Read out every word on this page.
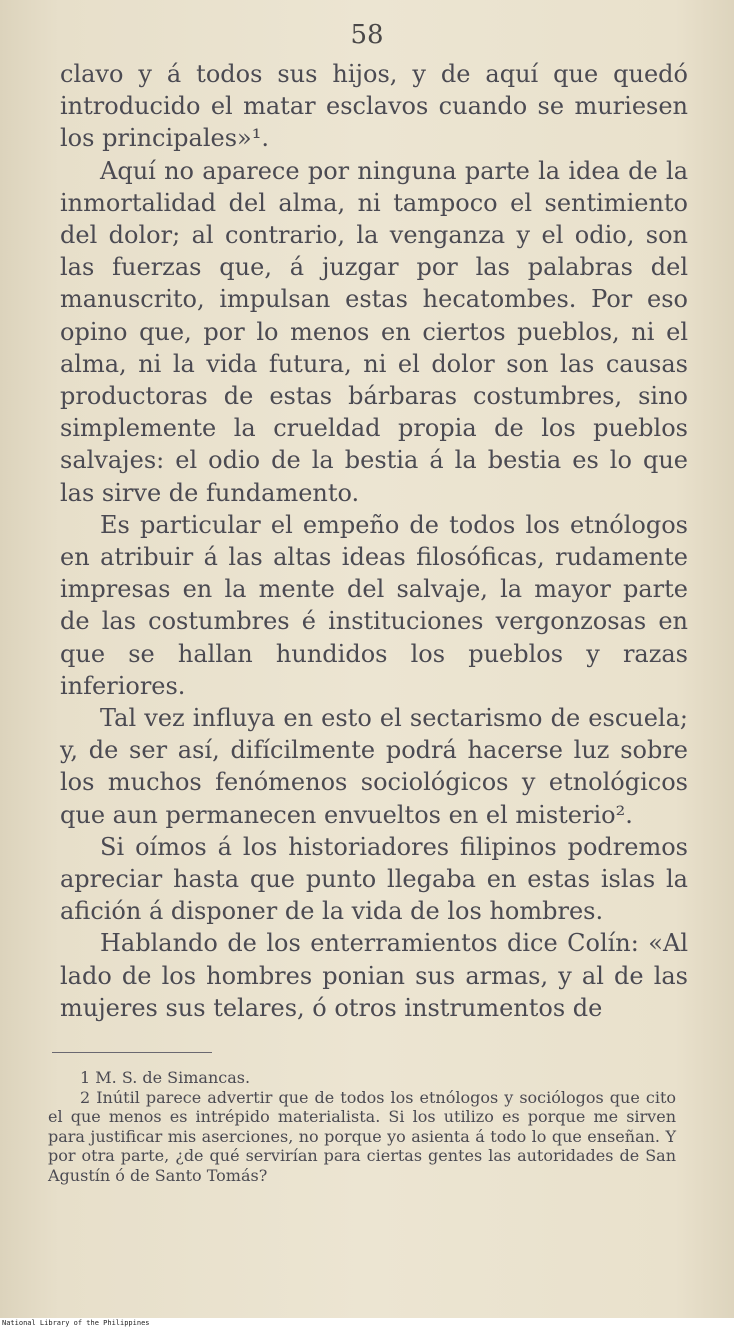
58

clavo y á todos sus hijos, y de aquí que quedó introducido el matar esclavos cuando se muriesen los principales»¹.

Aquí no aparece por ninguna parte la idea de la inmortalidad del alma, ni tampoco el sentimiento del dolor; al contrario, la venganza y el odio, son las fuerzas que, á juzgar por las palabras del manuscrito, impulsan estas hecatombes. Por eso opino que, por lo menos en ciertos pueblos, ni el alma, ni la vida futura, ni el dolor son las causas productoras de estas bárbaras costumbres, sino simplemente la crueldad propia de los pueblos salvajes: el odio de la bestia á la bestia es lo que las sirve de fundamento.

Es particular el empeño de todos los etnólogos en atribuir á las altas ideas filosóficas, rudamente impresas en la mente del salvaje, la mayor parte de las costumbres é instituciones vergonzosas en que se hallan hundidos los pueblos y razas inferiores.

Tal vez influya en esto el sectarismo de escuela; y, de ser así, difícilmente podrá hacerse luz sobre los muchos fenómenos sociológicos y etnológicos que aun permanecen envueltos en el misterio².

Si oímos á los historiadores filipinos podremos apreciar hasta que punto llegaba en estas islas la afición á disponer de la vida de los hombres.

Hablando de los enterramientos dice Colín: «Al lado de los hombres ponian sus armas, y al de las mujeres sus telares, ó otros instrumentos de

1 M. S. de Simancas.

2 Inútil parece advertir que de todos los etnólogos y sociólogos que cito el que menos es intrépido materialista. Si los utilizo es porque me sirven para justificar mis aserciones, no porque yo asienta á todo lo que enseñan. Y por otra parte, ¿de qué servirían para ciertas gentes las autoridades de San Agustín ó de Santo Tomás?

National Library of the Philippines
